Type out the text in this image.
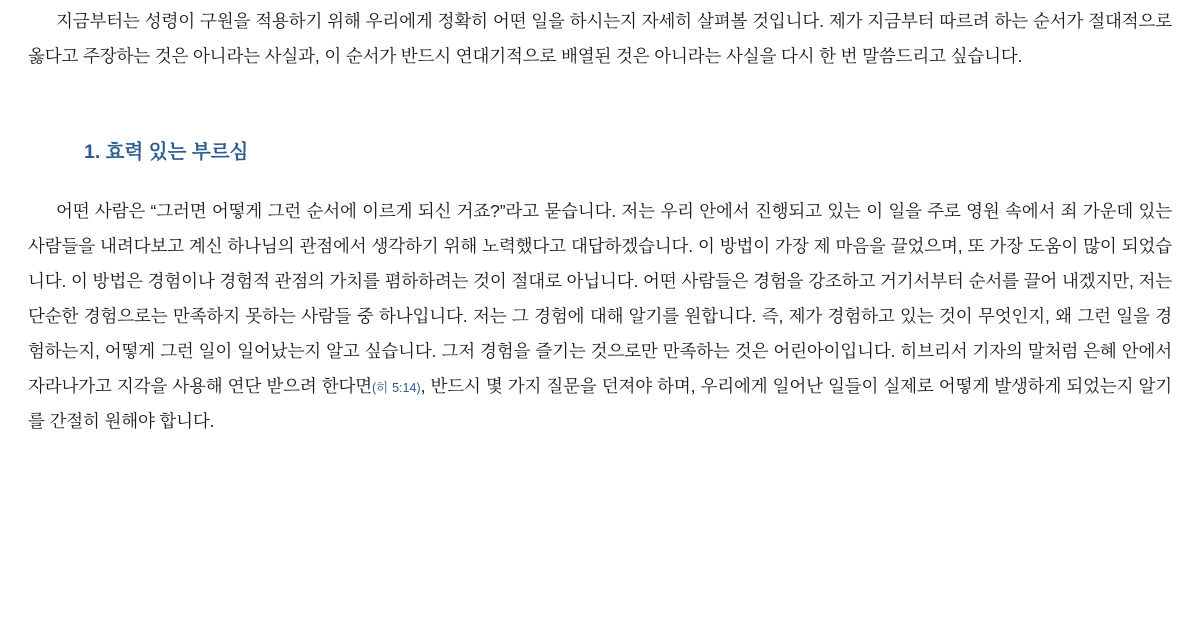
지금부터는 성령이 구원을 적용하기 위해 우리에게 정확히 어떤 일을 하시는지 자세히 살펴볼 것입니다. 제가 지금부터 따르려 하는 순서가 절대적으로 옳다고 주장하는 것은 아니라는 사실과, 이 순서가 반드시 연대기적으로 배열된 것은 아니라는 사실을 다시 한 번 말씀드리고 싶습니다.

1. 효력 있는 부르심

어떤 사람은 “그러면 어떻게 그런 순서에 이르게 되신 거죠?”라고 묻습니다. 저는 우리 안에서 진행되고 있는 이 일을 주로 영원 속에서 죄 가운데 있는 사람들을 내려다보고 계신 하나님의 관점에서 생각하기 위해 노력했다고 대답하겠습니다. 이 방법이 가장 제 마음을 끌었으며, 또 가장 도움이 많이 되었습니다. 이 방법은 경험이나 경험적 관점의 가치를 폄하하려는 것이 절대로 아닙니다. 어떤 사람들은 경험을 강조하고 거기서부터 순서를 끌어 내겠지만, 저는 단순한 경험으로는 만족하지 못하는 사람들 중 하나입니다. 저는 그 경험에 대해 알기를 원합니다. 즉, 제가 경험하고 있는 것이 무엇인지, 왜 그런 일을 경험하는지, 어떻게 그런 일이 일어났는지 알고 싶습니다. 그저 경험을 즐기는 것으로만 만족하는 것은 어린아이입니다. 히브리서 기자의 말처럼 은혜 안에서 자라나가고 지각을 사용해 연단 받으려 한다면(히 5:14), 반드시 몇 가지 질문을 던져야 하며, 우리에게 일어난 일들이 실제로 어떻게 발생하게 되었는지 알기를 간절히 원해야 합니다.
